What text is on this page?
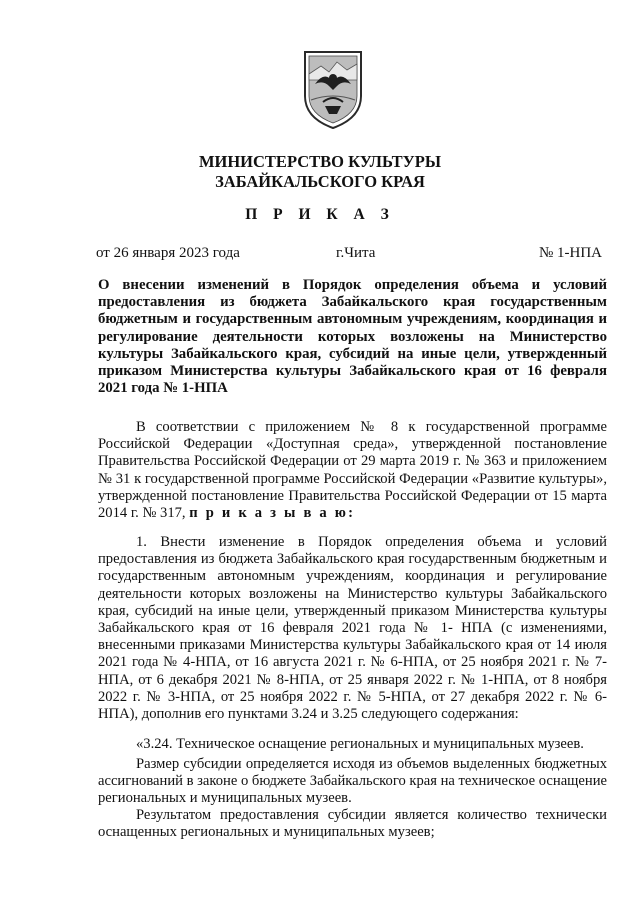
МИНИСТЕРСТВО КУЛЬТУРЫ
ЗАБАЙКАЛЬСКОГО КРАЯ
П Р И К А З
от 26 января 2023 года	г.Чита	№ 1-НПА
О внесении изменений в Порядок определения объема и условий предоставления из бюджета Забайкальского края государственным бюджетным и государственным автономным учреждениям, координация и регулирование деятельности которых возложены на Министерство культуры Забайкальского края, субсидий на иные цели, утвержденный приказом Министерства культуры Забайкальского края от 16 февраля 2021 года № 1-НПА
В соответствии с приложением № 8 к государственной программе Российской Федерации «Доступная среда», утвержденной постановление Правительства Российской Федерации от 29 марта 2019 г. № 363 и приложением № 31 к государственной программе Российской Федерации «Развитие культуры», утвержденной постановление Правительства Российской Федерации от 15 марта 2014 г. № 317, п р и к а з ы в а ю:
1. Внести изменение в Порядок определения объема и условий предоставления из бюджета Забайкальского края государственным бюджетным и государственным автономным учреждениям, координация и регулирование деятельности которых возложены на Министерство культуры Забайкальского края, субсидий на иные цели, утвержденный приказом Министерства культуры Забайкальского края от 16 февраля 2021 года № 1- НПА (с изменениями, внесенными приказами Министерства культуры Забайкальского края от 14 июля 2021 года № 4-НПА, от 16 августа 2021 г. № 6-НПА, от 25 ноября 2021 г. № 7-НПА, от 6 декабря 2021 № 8-НПА, от 25 января 2022 г. № 1-НПА, от 8 ноября 2022 г. № 3-НПА, от 25 ноября 2022 г. № 5-НПА, от 27 декабря 2022 г. № 6-НПА), дополнив его пунктами 3.24 и 3.25 следующего содержания:
«3.24. Техническое оснащение региональных и муниципальных музеев.
Размер субсидии определяется исходя из объемов выделенных бюджетных ассигнований в законе о бюджете Забайкальского края на техническое оснащение региональных и муниципальных музеев.
Результатом предоставления субсидии является количество технически оснащенных региональных и муниципальных музеев;
